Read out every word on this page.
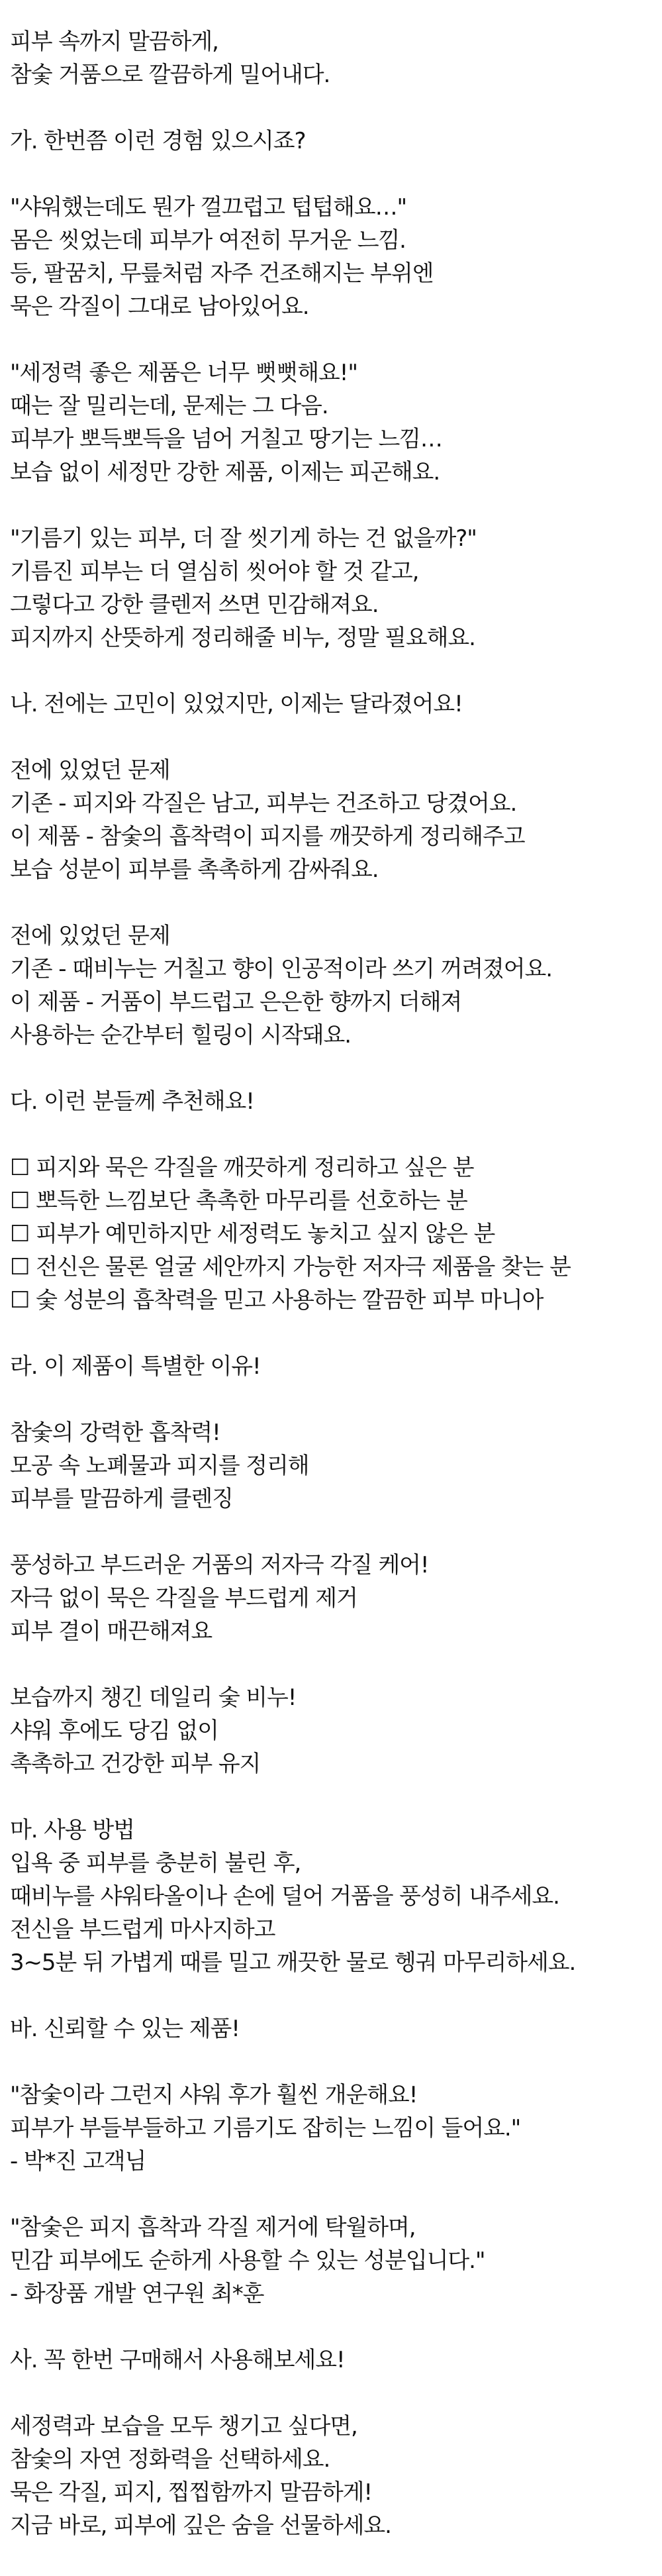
피부 속까지 말끔하게,
참숯 거품으로 깔끔하게 밀어내다.
가. 한번쯤 이런 경험 있으시죠?
"샤워했는데도 뭔가 껄끄럽고 텁텁해요…"
몸은 씻었는데 피부가 여전히 무거운 느낌.
등, 팔꿈치, 무릎처럼 자주 건조해지는 부위엔
묵은 각질이 그대로 남아있어요.
"세정력 좋은 제품은 너무 뻣뻣해요!"
때는 잘 밀리는데, 문제는 그 다음.
피부가 뽀득뽀득을 넘어 거칠고 땅기는 느낌…
보습 없이 세정만 강한 제품, 이제는 피곤해요.
"기름기 있는 피부, 더 잘 씻기게 하는 건 없을까?"
기름진 피부는 더 열심히 씻어야 할 것 같고,
그렇다고 강한 클렌저 쓰면 민감해져요.
피지까지 산뜻하게 정리해줄 비누, 정말 필요해요.
나. 전에는 고민이 있었지만, 이제는 달라졌어요!
전에 있었던 문제
기존 - 피지와 각질은 남고, 피부는 건조하고 당겼어요.
이 제품 - 참숯의 흡착력이 피지를 깨끗하게 정리해주고
보습 성분이 피부를 촉촉하게 감싸줘요.
전에 있었던 문제
기존 - 때비누는 거칠고 향이 인공적이라 쓰기 꺼려졌어요.
이 제품 - 거품이 부드럽고 은은한 향까지 더해져
사용하는 순간부터 힐링이 시작돼요.
다. 이런 분들께 추천해요!
☐ 피지와 묵은 각질을 깨끗하게 정리하고 싶은 분
☐ 뽀득한 느낌보단 촉촉한 마무리를 선호하는 분
☐ 피부가 예민하지만 세정력도 놓치고 싶지 않은 분
☐ 전신은 물론 얼굴 세안까지 가능한 저자극 제품을 찾는 분
☐ 숯 성분의 흡착력을 믿고 사용하는 깔끔한 피부 마니아
라. 이 제품이 특별한 이유!
참숯의 강력한 흡착력!
모공 속 노폐물과 피지를 정리해
피부를 말끔하게 클렌징
풍성하고 부드러운 거품의 저자극 각질 케어!
자극 없이 묵은 각질을 부드럽게 제거
피부 결이 매끈해져요
보습까지 챙긴 데일리 숯 비누!
샤워 후에도 당김 없이
촉촉하고 건강한 피부 유지
마. 사용 방법
입욕 중 피부를 충분히 불린 후,
때비누를 샤워타올이나 손에 덜어 거품을 풍성히 내주세요.
전신을 부드럽게 마사지하고
3~5분 뒤 가볍게 때를 밀고 깨끗한 물로 헹궈 마무리하세요.
바. 신뢰할 수 있는 제품!
"참숯이라 그런지 샤워 후가 훨씬 개운해요!
피부가 부들부들하고 기름기도 잡히는 느낌이 들어요."
- 박*진 고객님
"참숯은 피지 흡착과 각질 제거에 탁월하며,
민감 피부에도 순하게 사용할 수 있는 성분입니다."
- 화장품 개발 연구원 최*훈
사. 꼭 한번 구매해서 사용해보세요!
세정력과 보습을 모두 챙기고 싶다면,
참숯의 자연 정화력을 선택하세요.
묵은 각질, 피지, 찝찝함까지 말끔하게!
지금 바로, 피부에 깊은 숨을 선물하세요.
